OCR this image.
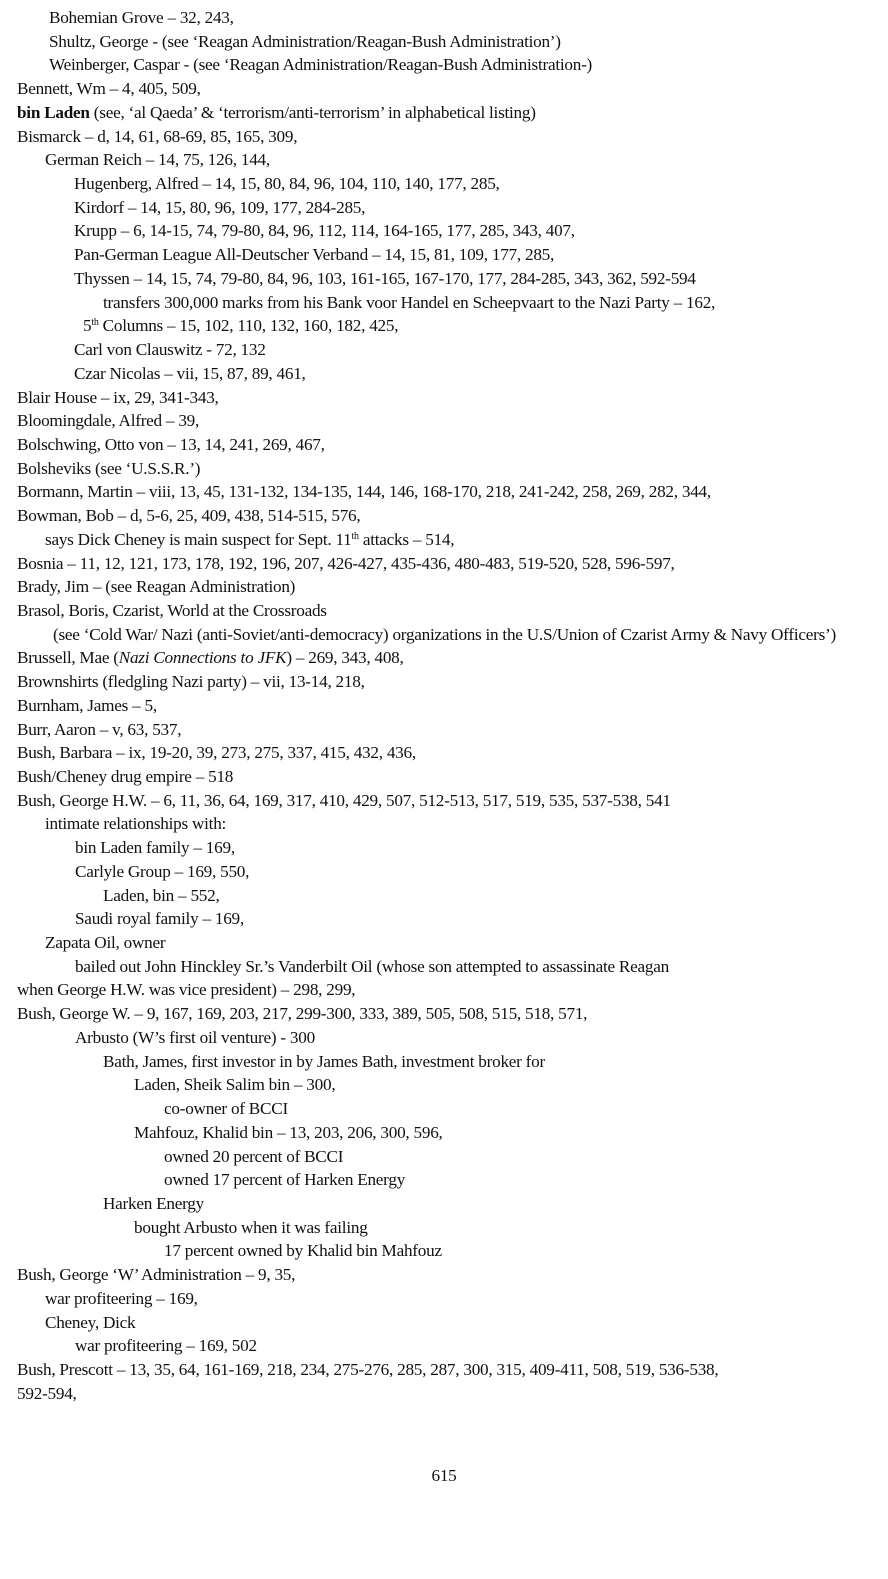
Bohemian Grove – 32, 243,
Shultz, George - (see ‘Reagan Administration/Reagan-Bush Administration’)
Weinberger, Caspar - (see ‘Reagan Administration/Reagan-Bush Administration-)
Bennett, Wm – 4, 405, 509,
bin Laden (see, ‘al Qaeda’ & ‘terrorism/anti-terrorism’ in alphabetical listing)
Bismarck – d, 14, 61, 68-69, 85, 165, 309,
German Reich – 14, 75, 126, 144,
Hugenberg, Alfred – 14, 15, 80, 84, 96, 104, 110, 140, 177, 285,
Kirdorf – 14, 15, 80, 96, 109, 177, 284-285,
Krupp – 6, 14-15, 74, 79-80, 84, 96, 112, 114, 164-165, 177, 285, 343, 407,
Pan-German League All-Deutscher Verband – 14, 15, 81, 109, 177, 285,
Thyssen – 14, 15, 74, 79-80, 84, 96, 103, 161-165, 167-170, 177, 284-285, 343, 362, 592-594
transfers 300,000 marks from his Bank voor Handel en Scheepvaart to the Nazi Party – 162,
5th Columns – 15, 102, 110, 132, 160, 182, 425,
Carl von Clauswitz - 72, 132
Czar Nicolas – vii, 15, 87, 89, 461,
Blair House – ix, 29, 341-343,
Bloomingdale, Alfred – 39,
Bolschwing, Otto von – 13, 14, 241, 269, 467,
Bolsheviks (see ‘U.S.S.R.’)
Bormann, Martin – viii, 13, 45, 131-132, 134-135, 144, 146, 168-170, 218, 241-242, 258, 269, 282, 344,
Bowman, Bob – d, 5-6, 25, 409, 438, 514-515, 576,
says Dick Cheney is main suspect for Sept. 11th attacks – 514,
Bosnia – 11, 12, 121, 173, 178, 192, 196, 207, 426-427, 435-436, 480-483, 519-520, 528, 596-597,
Brady, Jim – (see Reagan Administration)
Brasol, Boris, Czarist, World at the Crossroads
(see ‘Cold War/ Nazi (anti-Soviet/anti-democracy) organizations in the U.S/Union of Czarist Army & Navy Officers’)
Brussell, Mae (Nazi Connections to JFK) – 269, 343, 408,
Brownshirts (fledgling Nazi party) – vii, 13-14, 218,
Burnham, James – 5,
Burr, Aaron – v, 63, 537,
Bush, Barbara – ix, 19-20, 39, 273, 275, 337, 415, 432, 436,
Bush/Cheney drug empire – 518
Bush, George H.W. – 6, 11, 36, 64, 169, 317, 410, 429, 507, 512-513, 517, 519, 535, 537-538, 541
intimate relationships with:
bin Laden family – 169,
Carlyle Group – 169, 550,
Laden, bin – 552,
Saudi royal family – 169,
Zapata Oil, owner
bailed out John Hinckley Sr.’s Vanderbilt Oil (whose son attempted to assassinate Reagan
when George H.W. was vice president) – 298, 299,
Bush, George W. – 9, 167, 169, 203, 217, 299-300, 333, 389, 505, 508, 515, 518, 571,
Arbusto (W’s first oil venture) - 300
Bath, James, first investor in by James Bath, investment broker for
Laden, Sheik Salim bin – 300,
co-owner of BCCI
Mahfouz, Khalid bin – 13, 203, 206, 300, 596,
owned 20 percent of BCCI
owned 17 percent of Harken Energy
Harken Energy
bought Arbusto when it was failing
17 percent owned by Khalid bin Mahfouz
Bush, George ‘W’ Administration – 9, 35,
war profiteering – 169,
Cheney, Dick
war profiteering – 169, 502
Bush, Prescott – 13, 35, 64, 161-169, 218, 234, 275-276, 285, 287, 300, 315, 409-411, 508, 519, 536-538,
592-594,
615
